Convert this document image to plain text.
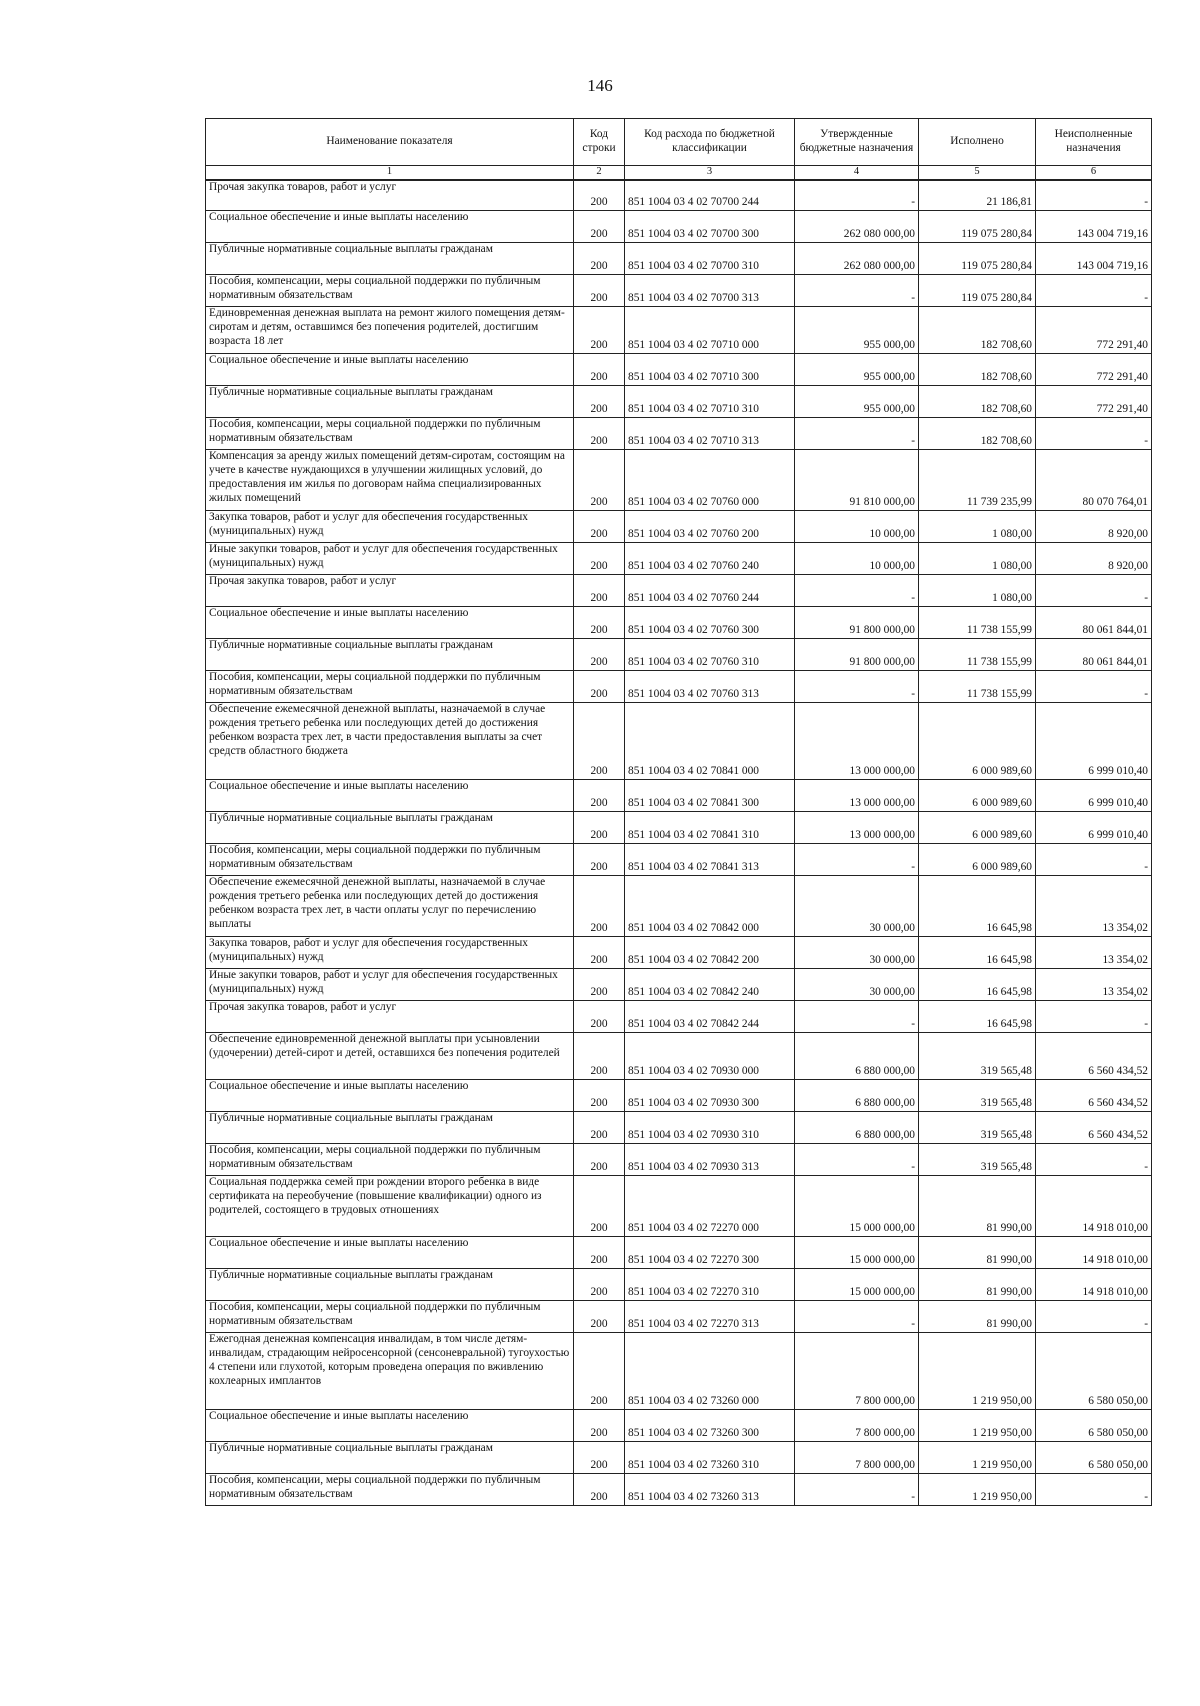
146
Наименование показателя	Код строки	Код расхода по бюджетной классификации	Утвержденные бюджетные назначения	Исполнено	Неисполненные назначения
1	2	3	4	5	6
Прочая закупка товаров, работ и услуг	200	851 1004 03 4 02 70700 244	-	21 186,81	-
Социальное обеспечение и иные выплаты населению	200	851 1004 03 4 02 70700 300	262 080 000,00	119 075 280,84	143 004 719,16
Публичные нормативные социальные выплаты гражданам	200	851 1004 03 4 02 70700 310	262 080 000,00	119 075 280,84	143 004 719,16
Пособия, компенсации, меры социальной поддержки по публичным нормативным обязательствам	200	851 1004 03 4 02 70700 313	-	119 075 280,84	-
Единовременная денежная выплата на ремонт жилого помещения детям-сиротам и детям, оставшимся без попечения родителей, достигшим возраста 18 лет	200	851 1004 03 4 02 70710 000	955 000,00	182 708,60	772 291,40
Социальное обеспечение и иные выплаты населению	200	851 1004 03 4 02 70710 300	955 000,00	182 708,60	772 291,40
Публичные нормативные социальные выплаты гражданам	200	851 1004 03 4 02 70710 310	955 000,00	182 708,60	772 291,40
Пособия, компенсации, меры социальной поддержки по публичным нормативным обязательствам	200	851 1004 03 4 02 70710 313	-	182 708,60	-
Компенсация за аренду жилых помещений детям-сиротам, состоящим на учете в качестве нуждающихся в улучшении жилищных условий, до предоставления им жилья по договорам найма специализированных жилых помещений	200	851 1004 03 4 02 70760 000	91 810 000,00	11 739 235,99	80 070 764,01
Закупка товаров, работ и услуг для обеспечения государственных (муниципальных) нужд	200	851 1004 03 4 02 70760 200	10 000,00	1 080,00	8 920,00
Иные закупки товаров, работ и услуг для обеспечения государственных (муниципальных) нужд	200	851 1004 03 4 02 70760 240	10 000,00	1 080,00	8 920,00
Прочая закупка товаров, работ и услуг	200	851 1004 03 4 02 70760 244	-	1 080,00	-
Социальное обеспечение и иные выплаты населению	200	851 1004 03 4 02 70760 300	91 800 000,00	11 738 155,99	80 061 844,01
Публичные нормативные социальные выплаты гражданам	200	851 1004 03 4 02 70760 310	91 800 000,00	11 738 155,99	80 061 844,01
Пособия, компенсации, меры социальной поддержки по публичным нормативным обязательствам	200	851 1004 03 4 02 70760 313	-	11 738 155,99	-
Обеспечение ежемесячной денежной выплаты, назначаемой в случае рождения третьего ребенка или последующих детей до достижения ребенком возраста трех лет, в части предоставления выплаты за счет средств областного бюджета	200	851 1004 03 4 02 70841 000	13 000 000,00	6 000 989,60	6 999 010,40
Социальное обеспечение и иные выплаты населению	200	851 1004 03 4 02 70841 300	13 000 000,00	6 000 989,60	6 999 010,40
Публичные нормативные социальные выплаты гражданам	200	851 1004 03 4 02 70841 310	13 000 000,00	6 000 989,60	6 999 010,40
Пособия, компенсации, меры социальной поддержки по публичным нормативным обязательствам	200	851 1004 03 4 02 70841 313	-	6 000 989,60	-
Обеспечение ежемесячной денежной выплаты, назначаемой в случае рождения третьего ребенка или последующих детей до достижения ребенком возраста трех лет, в части оплаты услуг по перечислению выплаты	200	851 1004 03 4 02 70842 000	30 000,00	16 645,98	13 354,02
Закупка товаров, работ и услуг для обеспечения государственных (муниципальных) нужд	200	851 1004 03 4 02 70842 200	30 000,00	16 645,98	13 354,02
Иные закупки товаров, работ и услуг для обеспечения государственных (муниципальных) нужд	200	851 1004 03 4 02 70842 240	30 000,00	16 645,98	13 354,02
Прочая закупка товаров, работ и услуг	200	851 1004 03 4 02 70842 244	-	16 645,98	-
Обеспечение единовременной денежной выплаты при усыновлении (удочерении) детей-сирот и детей, оставшихся без попечения родителей	200	851 1004 03 4 02 70930 000	6 880 000,00	319 565,48	6 560 434,52
Социальное обеспечение и иные выплаты населению	200	851 1004 03 4 02 70930 300	6 880 000,00	319 565,48	6 560 434,52
Публичные нормативные социальные выплаты гражданам	200	851 1004 03 4 02 70930 310	6 880 000,00	319 565,48	6 560 434,52
Пособия, компенсации, меры социальной поддержки по публичным нормативным обязательствам	200	851 1004 03 4 02 70930 313	-	319 565,48	-
Социальная поддержка семей при рождении второго ребенка в виде сертификата на переобучение (повышение квалификации) одного из родителей, состоящего в трудовых отношениях	200	851 1004 03 4 02 72270 000	15 000 000,00	81 990,00	14 918 010,00
Социальное обеспечение и иные выплаты населению	200	851 1004 03 4 02 72270 300	15 000 000,00	81 990,00	14 918 010,00
Публичные нормативные социальные выплаты гражданам	200	851 1004 03 4 02 72270 310	15 000 000,00	81 990,00	14 918 010,00
Пособия, компенсации, меры социальной поддержки по публичным нормативным обязательствам	200	851 1004 03 4 02 72270 313	-	81 990,00	-
Ежегодная денежная компенсация инвалидам, в том числе детям-инвалидам, страдающим нейросенсорной (сенсоневральной) тугоухостью 4 степени или глухотой, которым проведена операция по вживлению кохлеарных имплантов	200	851 1004 03 4 02 73260 000	7 800 000,00	1 219 950,00	6 580 050,00
Социальное обеспечение и иные выплаты населению	200	851 1004 03 4 02 73260 300	7 800 000,00	1 219 950,00	6 580 050,00
Публичные нормативные социальные выплаты гражданам	200	851 1004 03 4 02 73260 310	7 800 000,00	1 219 950,00	6 580 050,00
Пособия, компенсации, меры социальной поддержки по публичным нормативным обязательствам	200	851 1004 03 4 02 73260 313	-	1 219 950,00	-
